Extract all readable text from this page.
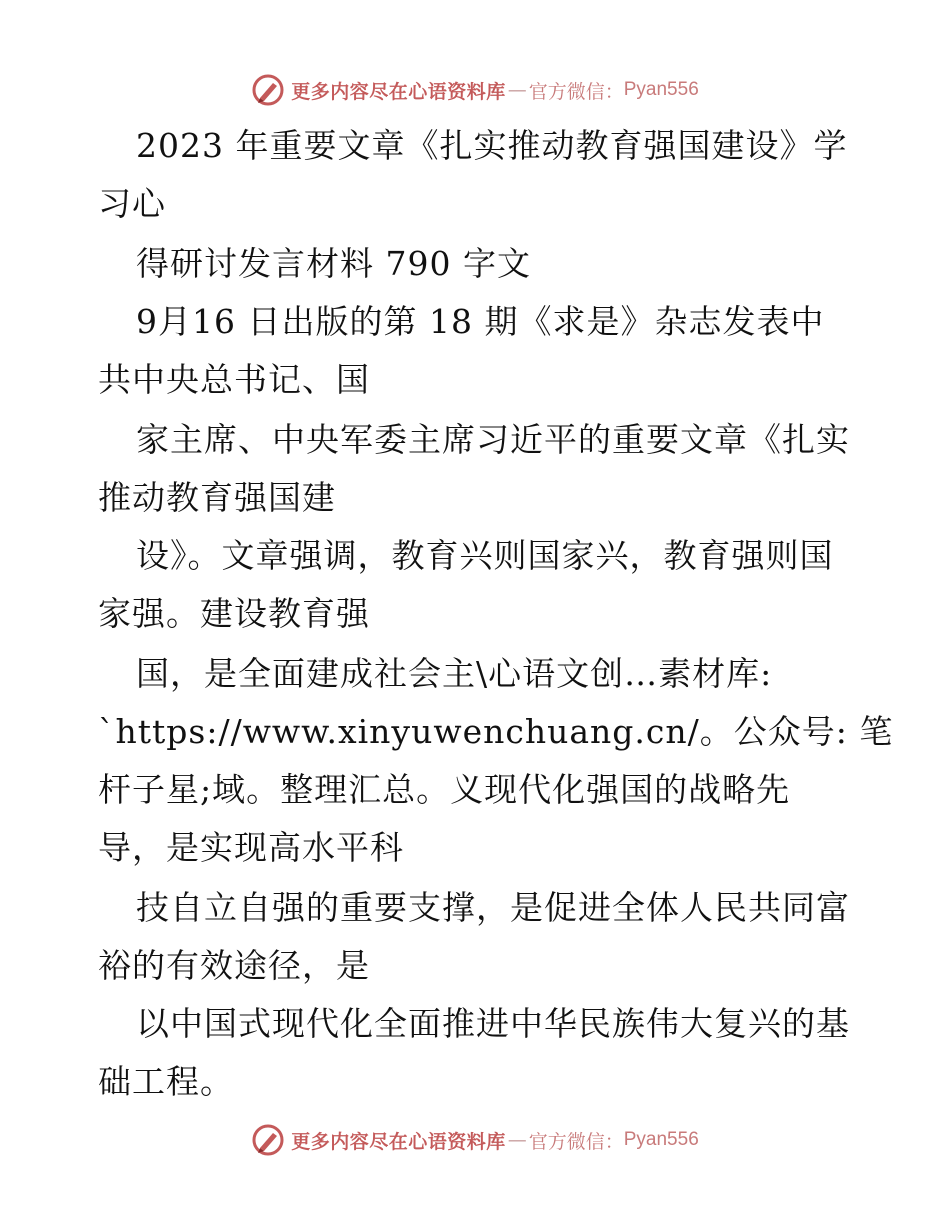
更多内容尽在心语资料库 — 官方微信： Pyan556
2023 年重要文章《扎实推动教育强国建设》学
习心
得研讨发言材料 790 字文
9月16 日出版的第 18 期《求是》杂志发表中
共中央总书记、国
家主席、中央军委主席习近平的重要文章《扎实
推动教育强国建
设》。文章强调，教育兴则国家兴，教育强则国
家强。建设教育强
国，是全面建成社会主\心语文创…素材库:
`https://www.xinyuwenchuang.cn/。公众号: 笔
杆子星;域。整理汇总。义现代化强国的战略先
导，是实现高水平科
技自立自强的重要支撑，是促进全体人民共同富
裕的有效途径，是
以中国式现代化全面推进中华民族伟大复兴的基
础工程。
更多内容尽在心语资料库 — 官方微信： Pyan556
